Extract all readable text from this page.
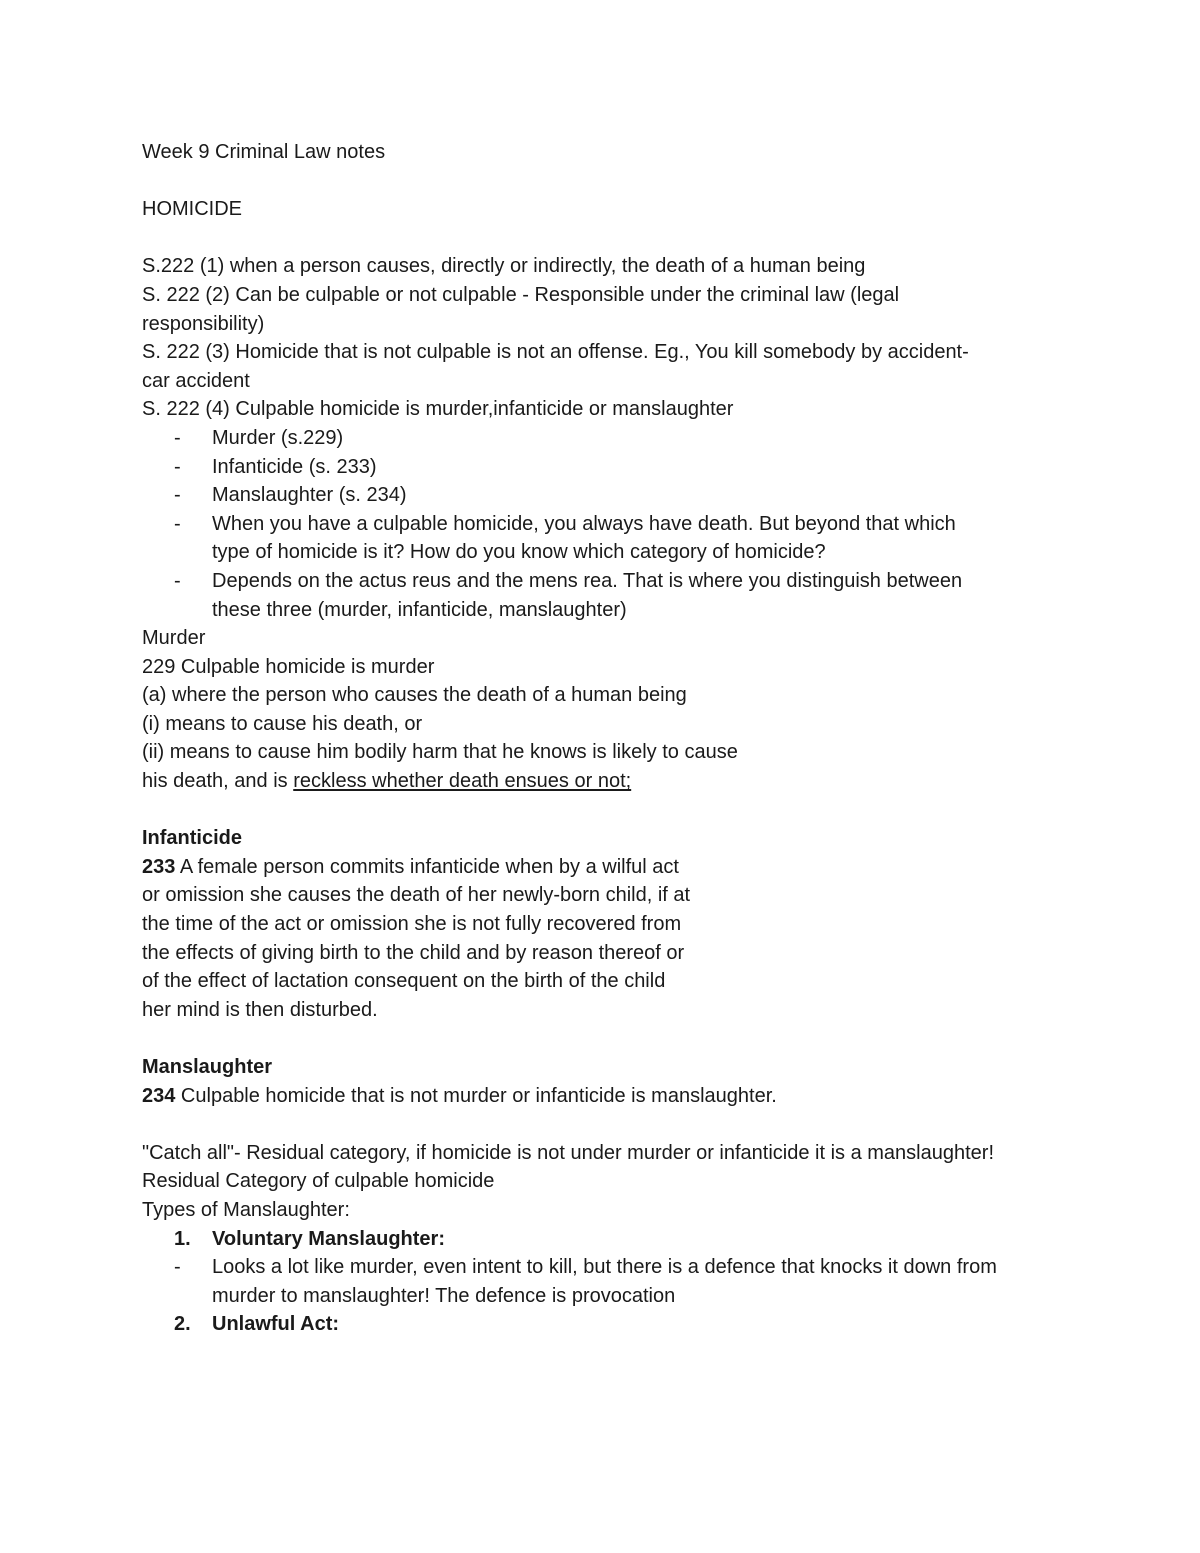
Week 9 Criminal Law notes
HOMICIDE
S.222 (1) when a person causes, directly or indirectly, the death of a human being
S. 222 (2) Can be culpable or not culpable - Responsible under the criminal law (legal
responsibility)
S. 222 (3) Homicide that is not culpable is not an offense. Eg., You kill somebody by accident-
car accident
S. 222 (4) Culpable homicide is murder,infanticide or manslaughter
- Murder (s.229)
- Infanticide (s. 233)
- Manslaughter (s. 234)
- When you have a culpable homicide, you always have death. But beyond that which
type of homicide is it? How do you know which category of homicide?
- Depends on the actus reus and the mens rea. That is where you distinguish between
these three (murder, infanticide, manslaughter)
Murder
229 Culpable homicide is murder
(a) where the person who causes the death of a human being
(i) means to cause his death, or
(ii) means to cause him bodily harm that he knows is likely to cause
his death, and is reckless whether death ensues or not;
Infanticide
233 A female person commits infanticide when by a wilful act
or omission she causes the death of her newly-born child, if at
the time of the act or omission she is not fully recovered from
the effects of giving birth to the child and by reason thereof or
of the effect of lactation consequent on the birth of the child
her mind is then disturbed.
Manslaughter
234 Culpable homicide that is not murder or infanticide is manslaughter.
"Catch all"- Residual category, if homicide is not under murder or infanticide it is a manslaughter!
Residual Category of culpable homicide
Types of Manslaughter:
1. Voluntary Manslaughter:
- Looks a lot like murder, even intent to kill, but there is a defence that knocks it down from
murder to manslaughter! The defence is provocation
2. Unlawful Act:
